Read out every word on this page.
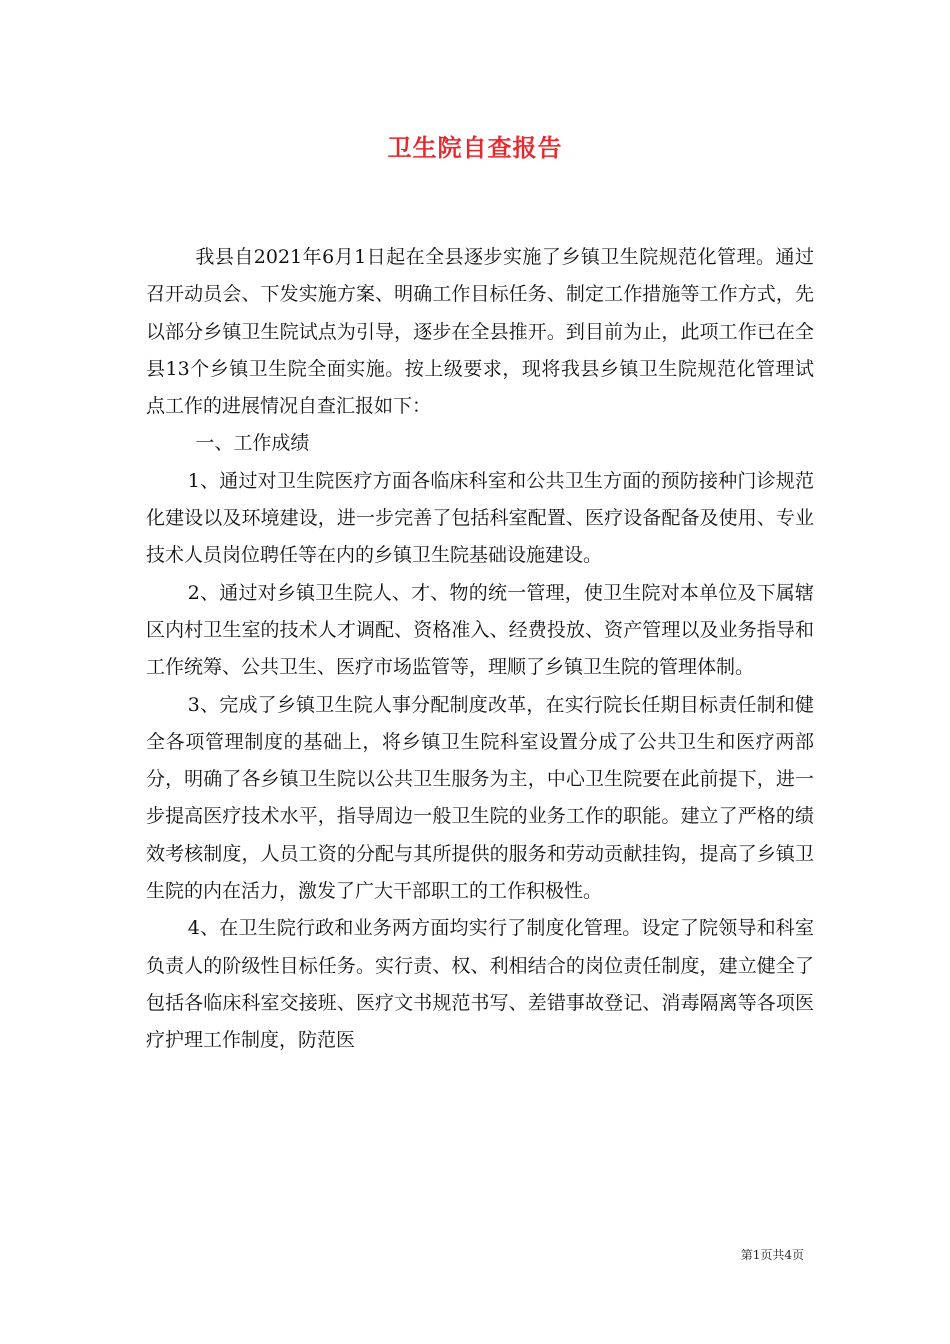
卫生院自查报告

我县自2021年6月1日起在全县逐步实施了乡镇卫生院规范化管理。通过召开动员会、下发实施方案、明确工作目标任务、制定工作措施等工作方式，先以部分乡镇卫生院试点为引导，逐步在全县推开。到目前为止，此项工作已在全县13个乡镇卫生院全面实施。按上级要求，现将我县乡镇卫生院规范化管理试点工作的进展情况自查汇报如下：

一、工作成绩

1、通过对卫生院医疗方面各临床科室和公共卫生方面的预防接种门诊规范化建设以及环境建设，进一步完善了包括科室配置、医疗设备配备及使用、专业技术人员岗位聘任等在内的乡镇卫生院基础设施建设。

2、通过对乡镇卫生院人、才、物的统一管理，使卫生院对本单位及下属辖区内村卫生室的技术人才调配、资格准入、经费投放、资产管理以及业务指导和工作统筹、公共卫生、医疗市场监管等，理顺了乡镇卫生院的管理体制。

3、完成了乡镇卫生院人事分配制度改革，在实行院长任期目标责任制和健全各项管理制度的基础上，将乡镇卫生院科室设置分成了公共卫生和医疗两部分，明确了各乡镇卫生院以公共卫生服务为主，中心卫生院要在此前提下，进一步提高医疗技术水平，指导周边一般卫生院的业务工作的职能。建立了严格的绩效考核制度，人员工资的分配与其所提供的服务和劳动贡献挂钩，提高了乡镇卫生院的内在活力，激发了广大干部职工的工作积极性。

4、在卫生院行政和业务两方面均实行了制度化管理。设定了院领导和科室负责人的阶级性目标任务。实行责、权、利相结合的岗位责任制度，建立健全了包括各临床科室交接班、医疗文书规范书写、差错事故登记、消毒隔离等各项医疗护理工作制度，防范医

第1页共4页
